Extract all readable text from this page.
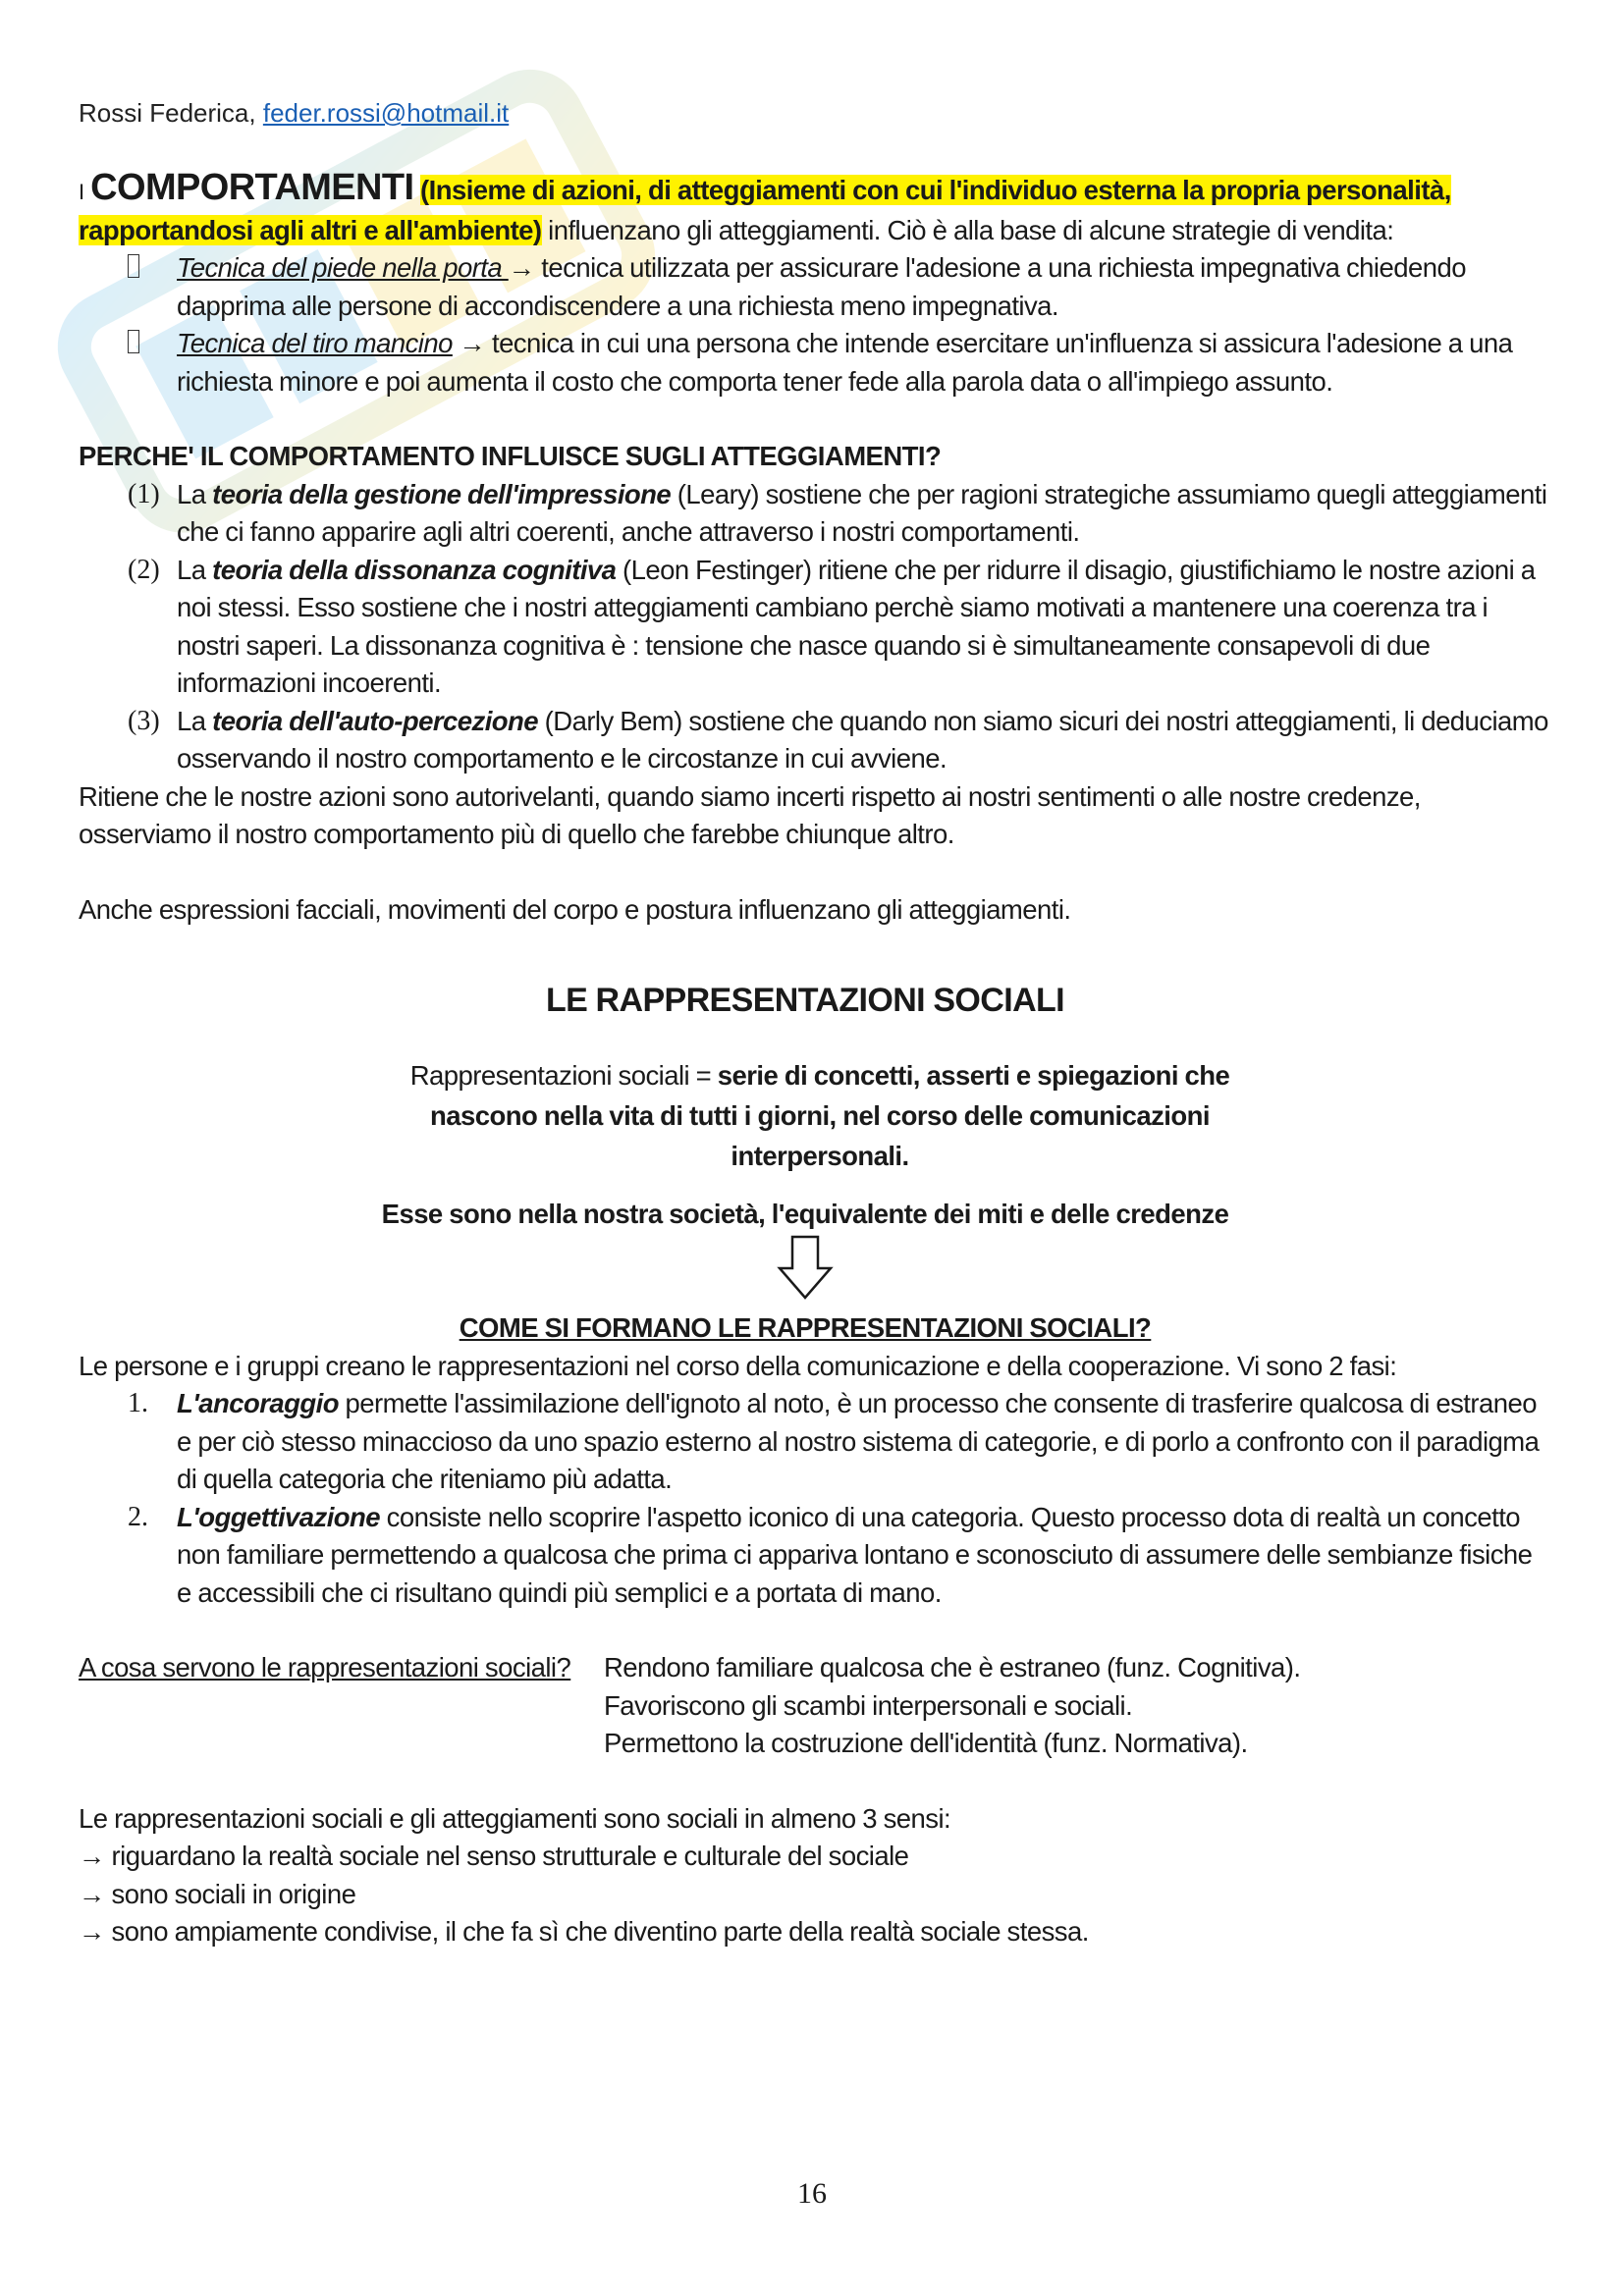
Rossi Federica, feder.rossi@hotmail.it

I COMPORTAMENTI (Insieme di azioni, di atteggiamenti con cui l'individuo esterna la propria personalità, rapportandosi agli altri e all'ambiente) influenzano gli atteggiamenti. Ciò è alla base di alcune strategie di vendita:

Tecnica del piede nella porta → tecnica utilizzata per assicurare l'adesione a una richiesta impegnativa chiedendo dapprima alle persone di accondiscendere a una richiesta meno impegnativa.
Tecnica del tiro mancino → tecnica in cui una persona che intende esercitare un'influenza si assicura l'adesione a una richiesta minore e poi aumenta il costo che comporta tener fede alla parola data o all'impiego assunto.

PERCHE' IL COMPORTAMENTO INFLUISCE SUGLI ATTEGGIAMENTI?

(1) La teoria della gestione dell'impressione (Leary) sostiene che per ragioni strategiche assumiamo quegli atteggiamenti che ci fanno apparire agli altri coerenti, anche attraverso i nostri comportamenti.
(2) La teoria della dissonanza cognitiva (Leon Festinger) ritiene che per ridurre il disagio, giustifichiamo le nostre azioni a noi stessi. Esso sostiene che i nostri atteggiamenti cambiano perchè siamo motivati a mantenere una coerenza tra i nostri saperi. La dissonanza cognitiva è : tensione che nasce quando si è simultaneamente consapevoli di due informazioni incoerenti.
(3) La teoria dell'auto-percezione (Darly Bem) sostiene che quando non siamo sicuri dei nostri atteggiamenti, li deduciamo osservando il nostro comportamento e le circostanze in cui avviene.

Ritiene che le nostre azioni sono autorivelanti, quando siamo incerti rispetto ai nostri sentimenti o alle nostre credenze, osserviamo il nostro comportamento più di quello che farebbe chiunque altro.

Anche espressioni facciali, movimenti del corpo e postura influenzano gli atteggiamenti.

LE RAPPRESENTAZIONI SOCIALI
Rappresentazioni sociali = serie di concetti, asserti e spiegazioni che nascono nella vita di tutti i giorni, nel corso delle comunicazioni interpersonali.
Esse sono nella nostra società, l'equivalente dei miti e delle credenze
COME SI FORMANO LE RAPPRESENTAZIONI SOCIALI?

Le persone e i gruppi creano le rappresentazioni nel corso della comunicazione e della cooperazione. Vi sono 2 fasi:

1. L'ancoraggio permette l'assimilazione dell'ignoto al noto, è un processo che consente di trasferire qualcosa di estraneo e per ciò stesso minaccioso da uno spazio esterno al nostro sistema di categorie, e di porlo a confronto con il paradigma di quella categoria che riteniamo più adatta.
2. L'oggettivazione consiste nello scoprire l'aspetto iconico di una categoria. Questo processo dota di realtà un concetto non familiare permettendo a qualcosa che prima ci appariva lontano e sconosciuto di assumere delle sembianze fisiche e accessibili che ci risultano quindi più semplici e a portata di mano.
A cosa servono le rappresentazioni sociali?	Rendono familiare qualcosa che è estraneo (funz. Cognitiva).
Favoriscono gli scambi interpersonali e sociali.
Permettono la costruzione dell'identità (funz. Normativa).

Le rappresentazioni sociali e gli atteggiamenti sono sociali in almeno 3 sensi:

→ riguardano la realtà sociale nel senso strutturale e culturale del sociale

→ sono sociali in origine

→ sono ampiamente condivise, il che fa sì che diventino parte della realtà sociale stessa.

16
